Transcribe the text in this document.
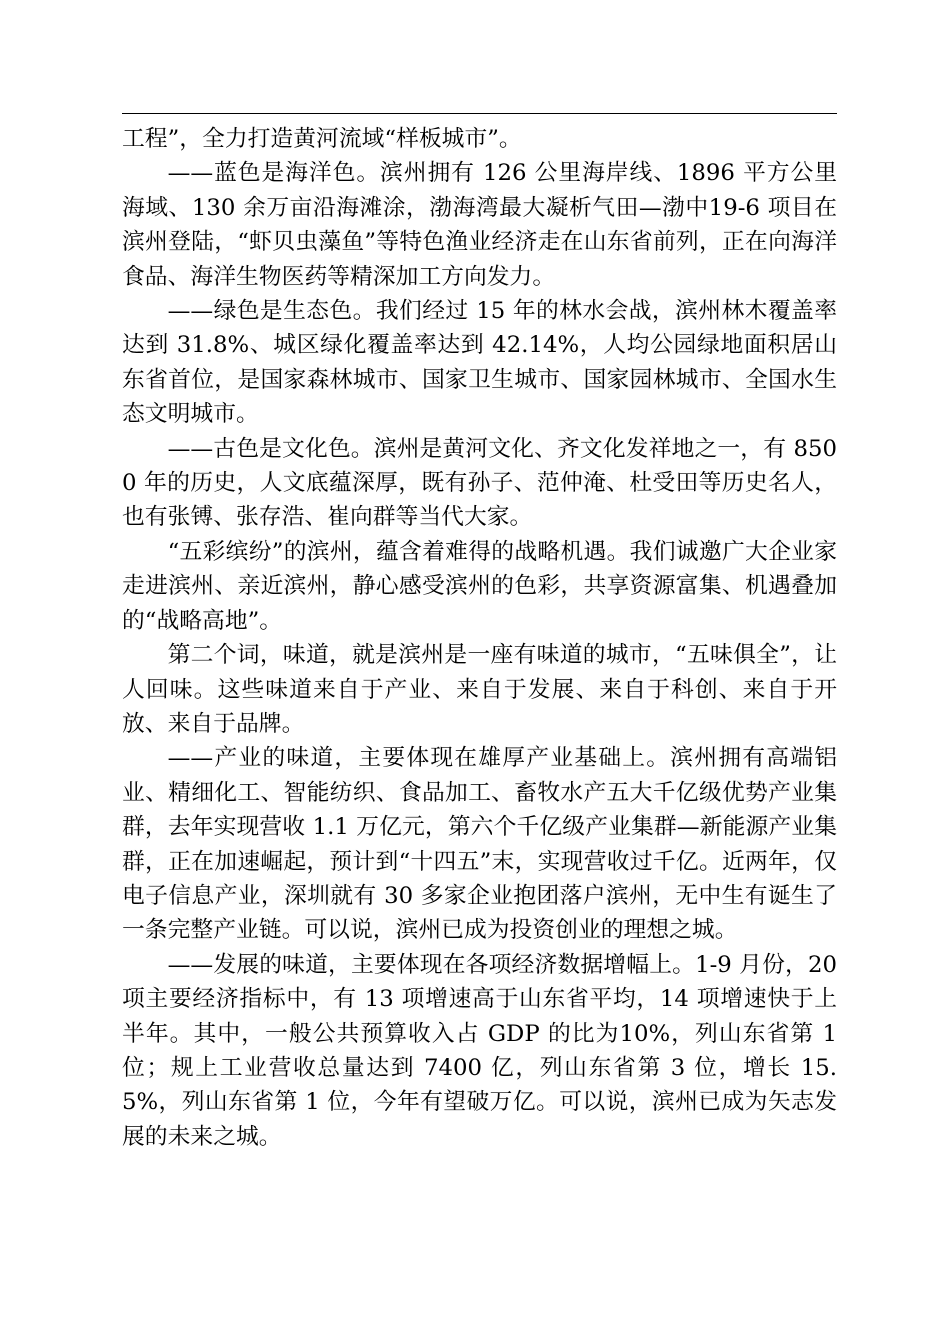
工程”，全力打造黄河流域“样板城市”。

——蓝色是海洋色。滨州拥有 126 公里海岸线、1896 平方公里海域、130 余万亩沿海滩涂，渤海湾最大凝析气田—渤中19-6 项目在滨州登陆，“虾贝虫藻鱼”等特色渔业经济走在山东省前列，正在向海洋食品、海洋生物医药等精深加工方向发力。

——绿色是生态色。我们经过 15 年的林水会战，滨州林木覆盖率达到 31.8%、城区绿化覆盖率达到 42.14%，人均公园绿地面积居山东省首位，是国家森林城市、国家卫生城市、国家园林城市、全国水生态文明城市。

——古色是文化色。滨州是黄河文化、齐文化发祥地之一，有 8500 年的历史，人文底蕴深厚，既有孙子、范仲淹、杜受田等历史名人，也有张镈、张存浩、崔向群等当代大家。

“五彩缤纷”的滨州，蕴含着难得的战略机遇。我们诚邀广大企业家走进滨州、亲近滨州，静心感受滨州的色彩，共享资源富集、机遇叠加的“战略高地”。

第二个词，味道，就是滨州是一座有味道的城市，“五味俱全”，让人回味。这些味道来自于产业、来自于发展、来自于科创、来自于开放、来自于品牌。

——产业的味道，主要体现在雄厚产业基础上。滨州拥有高端铝业、精细化工、智能纺织、食品加工、畜牧水产五大千亿级优势产业集群，去年实现营收 1.1 万亿元，第六个千亿级产业集群—新能源产业集群，正在加速崛起，预计到“十四五”末，实现营收过千亿。近两年，仅电子信息产业，深圳就有 30 多家企业抱团落户滨州，无中生有诞生了一条完整产业链。可以说，滨州已成为投资创业的理想之城。

——发展的味道，主要体现在各项经济数据增幅上。1-9 月份，20 项主要经济指标中，有 13 项增速高于山东省平均，14 项增速快于上半年。其中，一般公共预算收入占 GDP 的比为10%，列山东省第 1 位；规上工业营收总量达到 7400 亿，列山东省第 3 位，增长 15.5%，列山东省第 1 位，今年有望破万亿。可以说，滨州已成为矢志发展的未来之城。
